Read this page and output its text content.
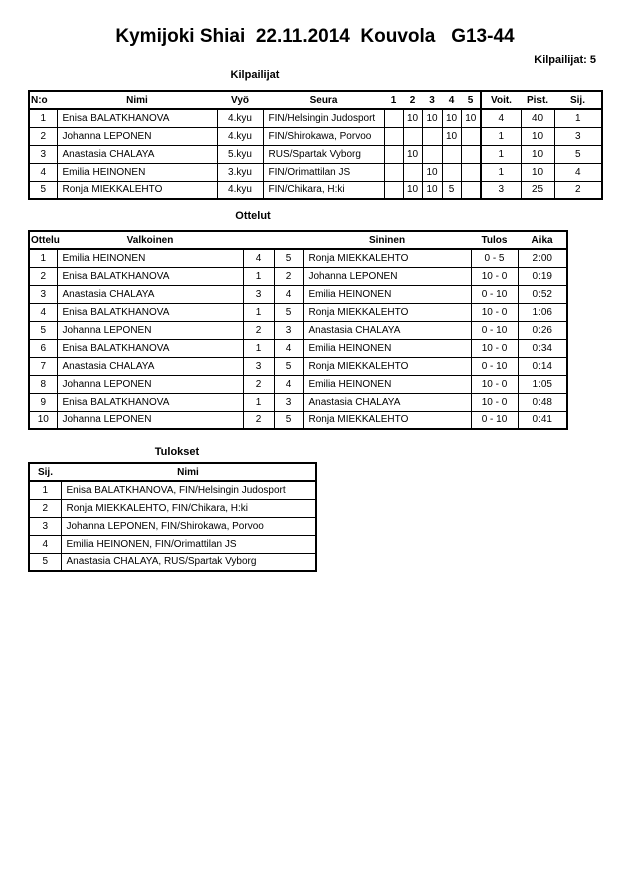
Kymijoki Shiai  22.11.2014  Kouvola   G13-44
Kilpailijat: 5
Kilpailijat
N:o	Nimi	Vyö	Seura	1	2	3	4	5	Voit.	Pist.	Sij.
1	Enisa BALATKHANOVA	4.kyu	FIN/Helsingin Judosport		10	10	10	10	4	40	1
2	Johanna LEPONEN	4.kyu	FIN/Shirokawa, Porvoo				10		1	10	3
3	Anastasia CHALAYA	5.kyu	RUS/Spartak Vyborg		10				1	10	5
4	Emilia HEINONEN	3.kyu	FIN/Orimattilan JS			10			1	10	4
5	Ronja MIEKKALEHTO	4.kyu	FIN/Chikara, H:ki		10	10	5		3	25	2
Ottelut
Ottelu	Valkoinen			Sininen	Tulos	Aika
1	Emilia HEINONEN	4	5	Ronja MIEKKALEHTO	0 - 5	2:00
2	Enisa BALATKHANOVA	1	2	Johanna LEPONEN	10 - 0	0:19
3	Anastasia CHALAYA	3	4	Emilia HEINONEN	0 - 10	0:52
4	Enisa BALATKHANOVA	1	5	Ronja MIEKKALEHTO	10 - 0	1:06
5	Johanna LEPONEN	2	3	Anastasia CHALAYA	0 - 10	0:26
6	Enisa BALATKHANOVA	1	4	Emilia HEINONEN	10 - 0	0:34
7	Anastasia CHALAYA	3	5	Ronja MIEKKALEHTO	0 - 10	0:14
8	Johanna LEPONEN	2	4	Emilia HEINONEN	10 - 0	1:05
9	Enisa BALATKHANOVA	1	3	Anastasia CHALAYA	10 - 0	0:48
10	Johanna LEPONEN	2	5	Ronja MIEKKALEHTO	0 - 10	0:41
Tulokset
Sij.	Nimi
1	Enisa BALATKHANOVA, FIN/Helsingin Judosport
2	Ronja MIEKKALEHTO, FIN/Chikara, H:ki
3	Johanna LEPONEN, FIN/Shirokawa, Porvoo
4	Emilia HEINONEN, FIN/Orimattilan JS
5	Anastasia CHALAYA, RUS/Spartak Vyborg
